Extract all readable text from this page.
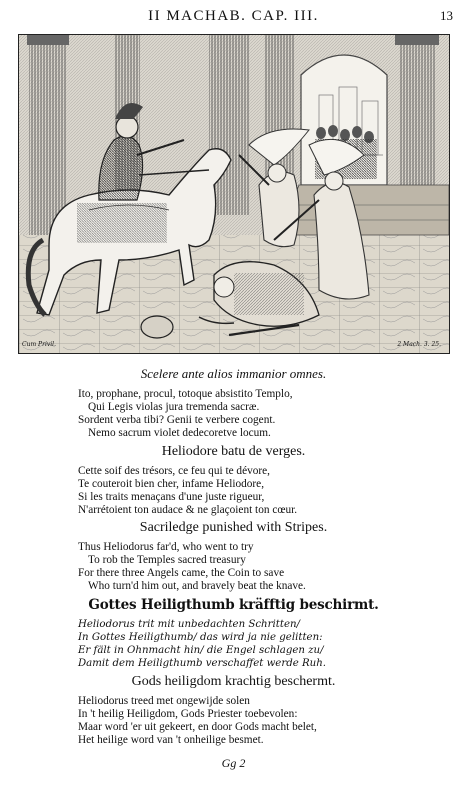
II MACHAB. CAP. III.	13
Cum Privil.	2 Mach. 3. 25.
Scelere ante alios immanior omnes.
Ito, prophane, procul, totoque absistito Templo,
Qui Legis violas jura tremenda sacræ.
Sordent verba tibi? Genii te verbere cogent.
Nemo sacrum violet dedecoretve locum.
Heliodore batu de verges.
Cette soif des trésors, ce feu qui te dévore,
Te couteroit bien cher, infame Heliodore,
Si les traits menaçans d'une juste rigueur,
N'arrétoient ton audace & ne glaçoient ton cœur.
Sacriledge punished with Stripes.
Thus Heliodorus far'd, who went to try
To rob the Temples sacred treasury
For there three Angels came, the Coin to save
Who turn'd him out, and bravely beat the knave.
Gottes Heiligthumb kräfftig beschirmt.
Heliodorus trit mit unbedachten Schritten/
In Gottes Heiligthumb/ das wird ja nie gelitten:
Er fält in Ohnmacht hin/ die Engel schlagen zu/
Damit dem Heiligthumb verschaffet werde Ruh.
Gods heiligdom krachtig beschermt.
Heliodorus treed met ongewijde solen
In 't heilig Heiligdom, Gods Priester toebevolen:
Maar word 'er uit gekeert, en door Gods macht belet,
Het heilige word van 't onheilige besmet.
Gg 2
